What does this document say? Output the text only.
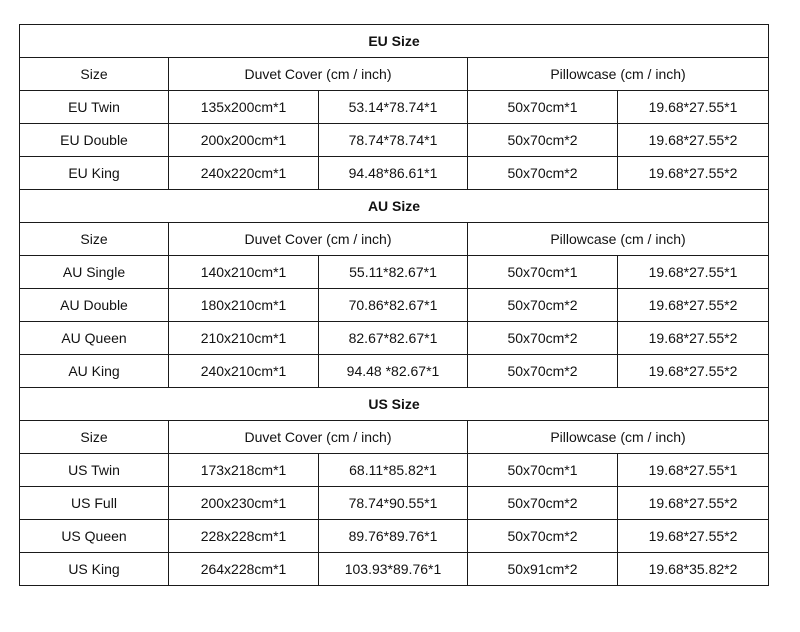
EU Size				
Size	Duvet Cover (cm / inch)		Pillowcase (cm / inch)	
EU Twin	135x200cm*1	53.14*78.74*1	50x70cm*1	19.68*27.55*1
EU Double	200x200cm*1	78.74*78.74*1	50x70cm*2	19.68*27.55*2
EU King	240x220cm*1	94.48*86.61*1	50x70cm*2	19.68*27.55*2
AU Size				
Size	Duvet Cover (cm / inch)		Pillowcase (cm / inch)	
AU Single	140x210cm*1	55.11*82.67*1	50x70cm*1	19.68*27.55*1
AU Double	180x210cm*1	70.86*82.67*1	50x70cm*2	19.68*27.55*2
AU Queen	210x210cm*1	82.67*82.67*1	50x70cm*2	19.68*27.55*2
AU King	240x210cm*1	94.48 *82.67*1	50x70cm*2	19.68*27.55*2
US Size				
Size	Duvet Cover (cm / inch)		Pillowcase (cm / inch)	
US Twin	173x218cm*1	68.11*85.82*1	50x70cm*1	19.68*27.55*1
US Full	200x230cm*1	78.74*90.55*1	50x70cm*2	19.68*27.55*2
US Queen	228x228cm*1	89.76*89.76*1	50x70cm*2	19.68*27.55*2
US King	264x228cm*1	103.93*89.76*1	50x91cm*2	19.68*35.82*2
